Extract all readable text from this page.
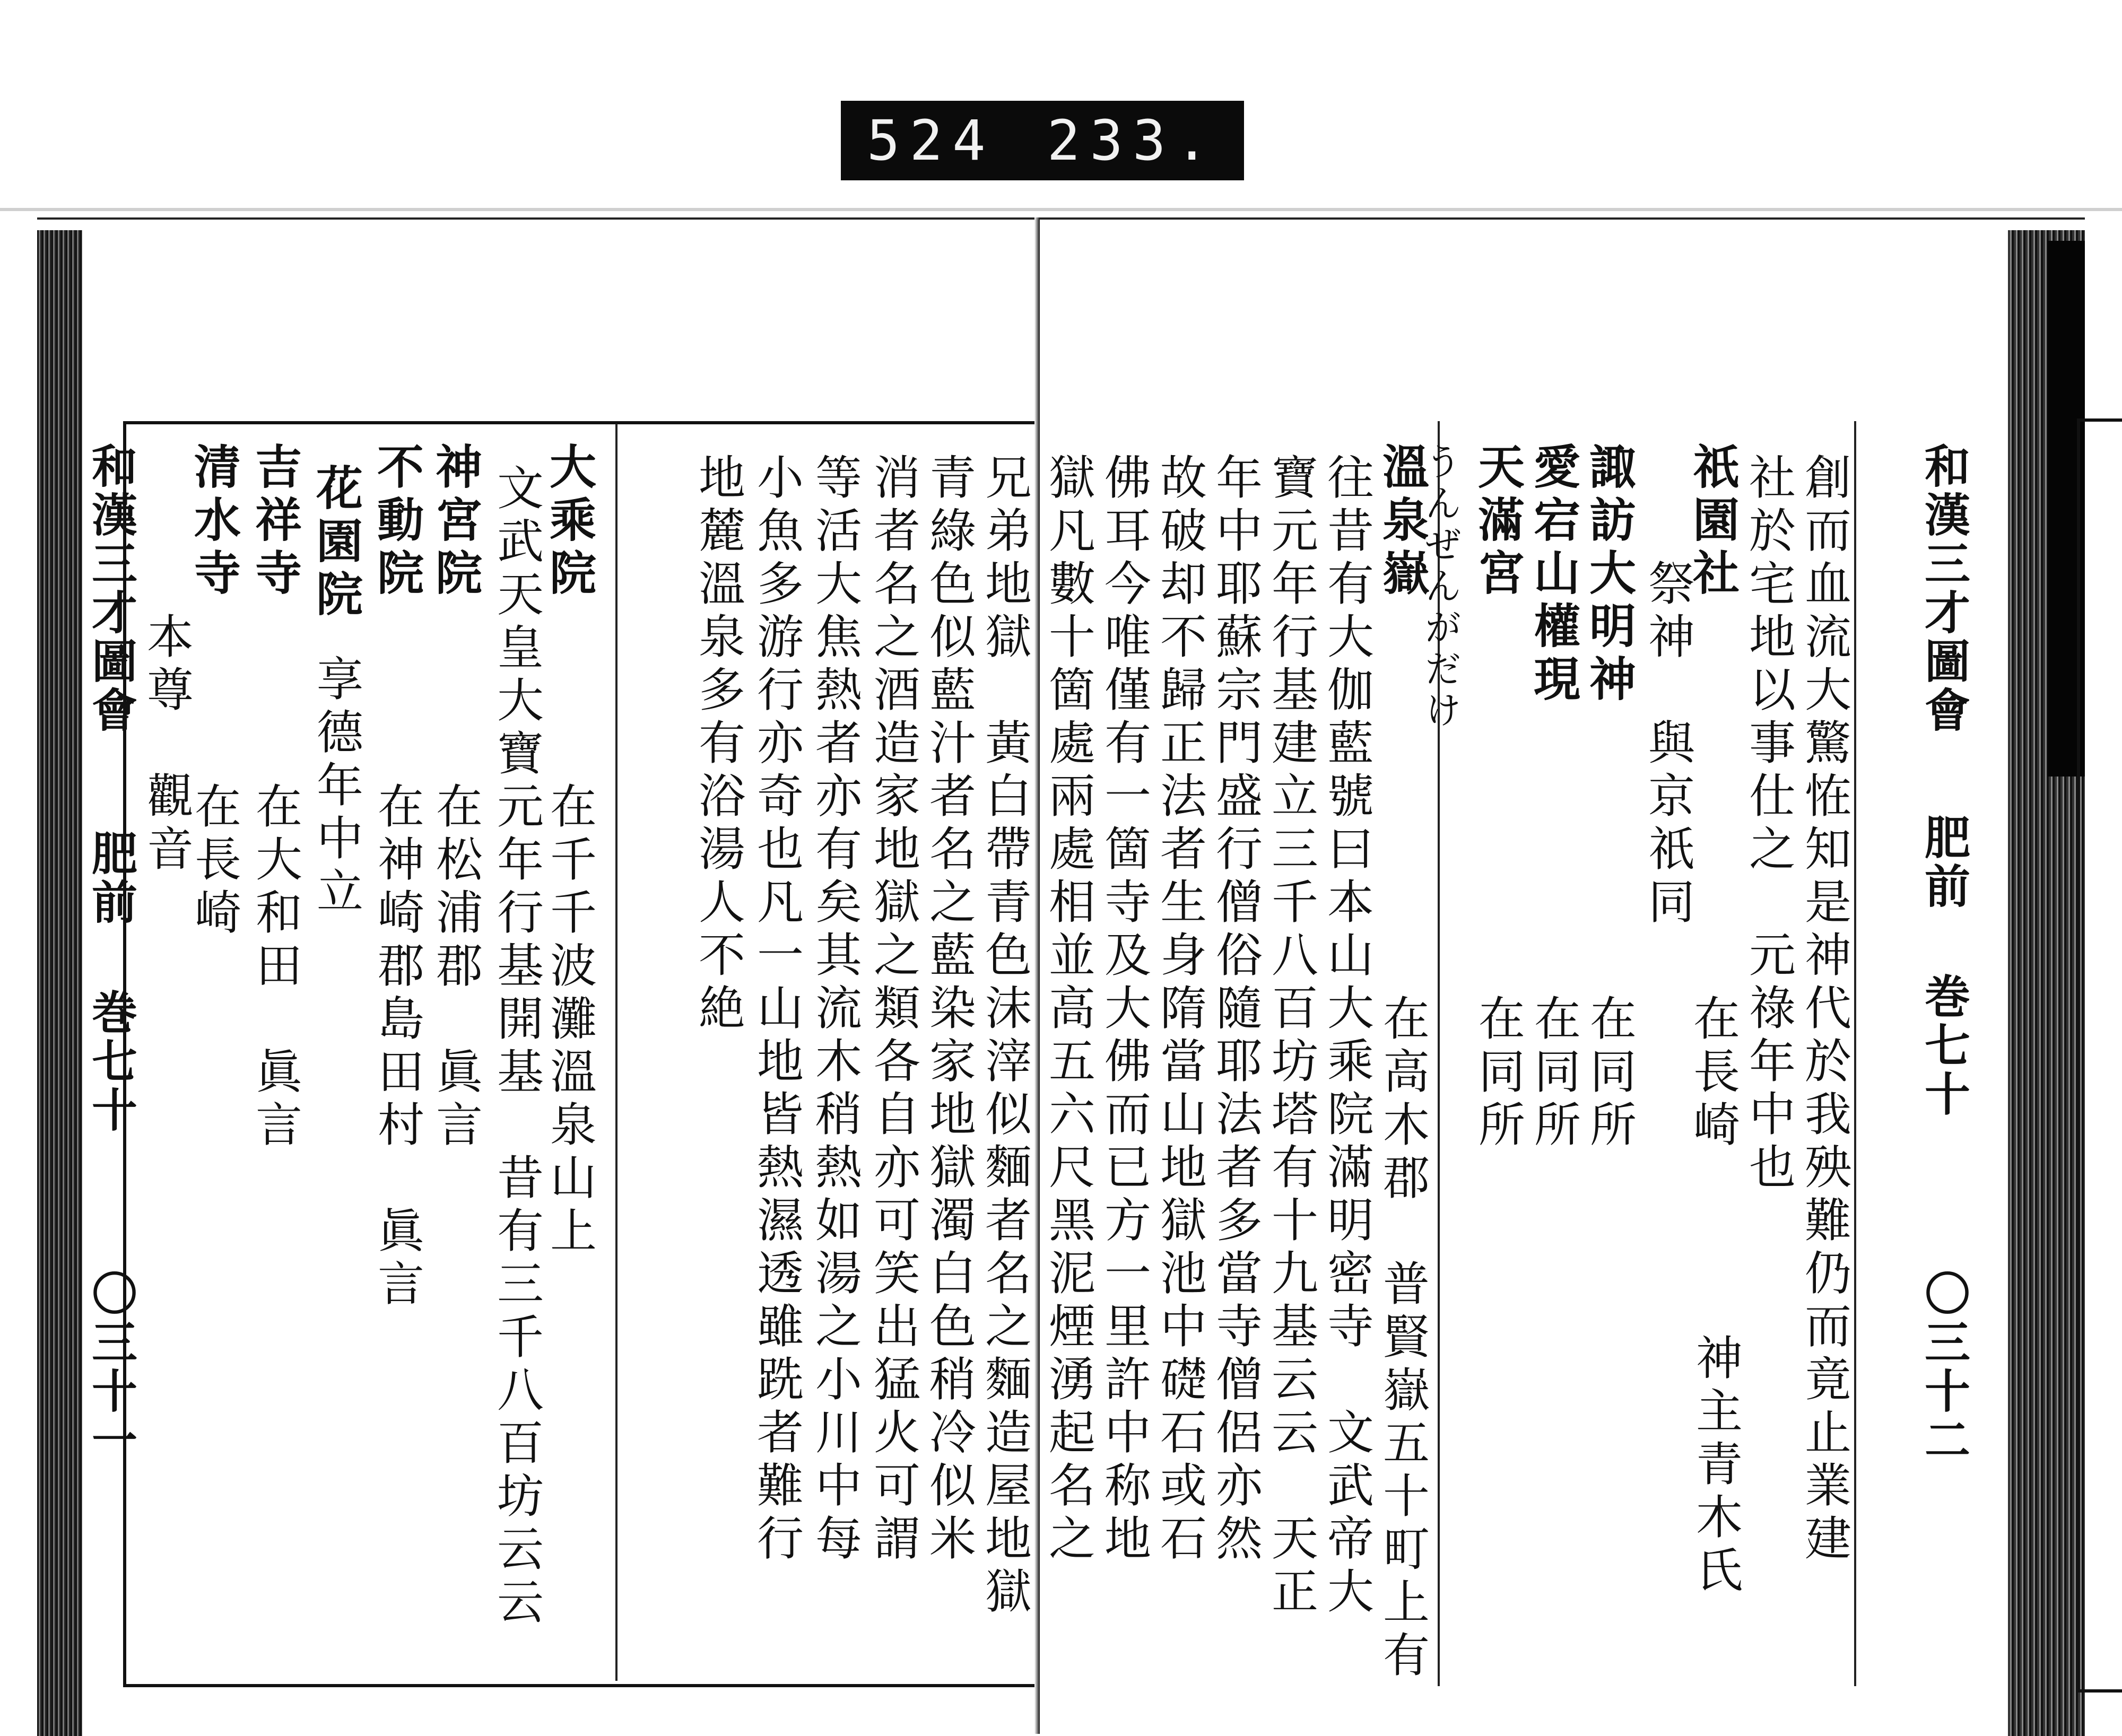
524 233.
和漢三才圖會
肥前
巻七十
〇三十一	兄弟地獄　黃白帶青色沫滓似麵者名之麵造屋地獄
青綠色似藍汁者名之藍染家地獄濁白色稍冷似米
消者名之酒造家地獄之類各自亦可笑出猛火可謂
等活大焦熱者亦有矣其流木稍熱如湯之小川中每
小魚多游行亦奇也凡一山地皆熱濕透雖跣者難行
地麓溫泉多有浴湯人不絶
大乘院
在千千波灘溫泉山上
文武天皇大寶元年行基開基　昔有三千八百坊云云
神宮院
在松浦郡　眞言
不動院
在神崎郡島田村　眞言
花園院
享德年中立
吉祥寺
在大和田　眞言
清水寺
在長崎
本尊　觀音
和漢三才圖會
肥前
巻七十
〇三十二
創而血流大驚恠知是神代於我殃難仍而竟止業建
社於宅地以事仕之　元祿年中也
祇園社
在長崎
祭神　與京祇同
諏訪大明神
在同所
愛宕山權現
在同所
天滿宮
在同所
神主青木氏
溫泉嶽
うんぜんがだけ
在高木郡　普賢嶽五十町上有
往昔有大伽藍號曰本山大乘院滿明密寺　文武帝大
寶元年行基建立三千八百坊塔有十九基云云　天正
年中耶蘇宗門盛行僧俗隨耶法者多當寺僧侶亦然
故破却不歸正法者生身隋當山地獄池中礎石或石
佛耳今唯僅有一箇寺及大佛而已方一里許中称地
獄凡數十箇處兩處相並高五六尺黑泥煙湧起名之
